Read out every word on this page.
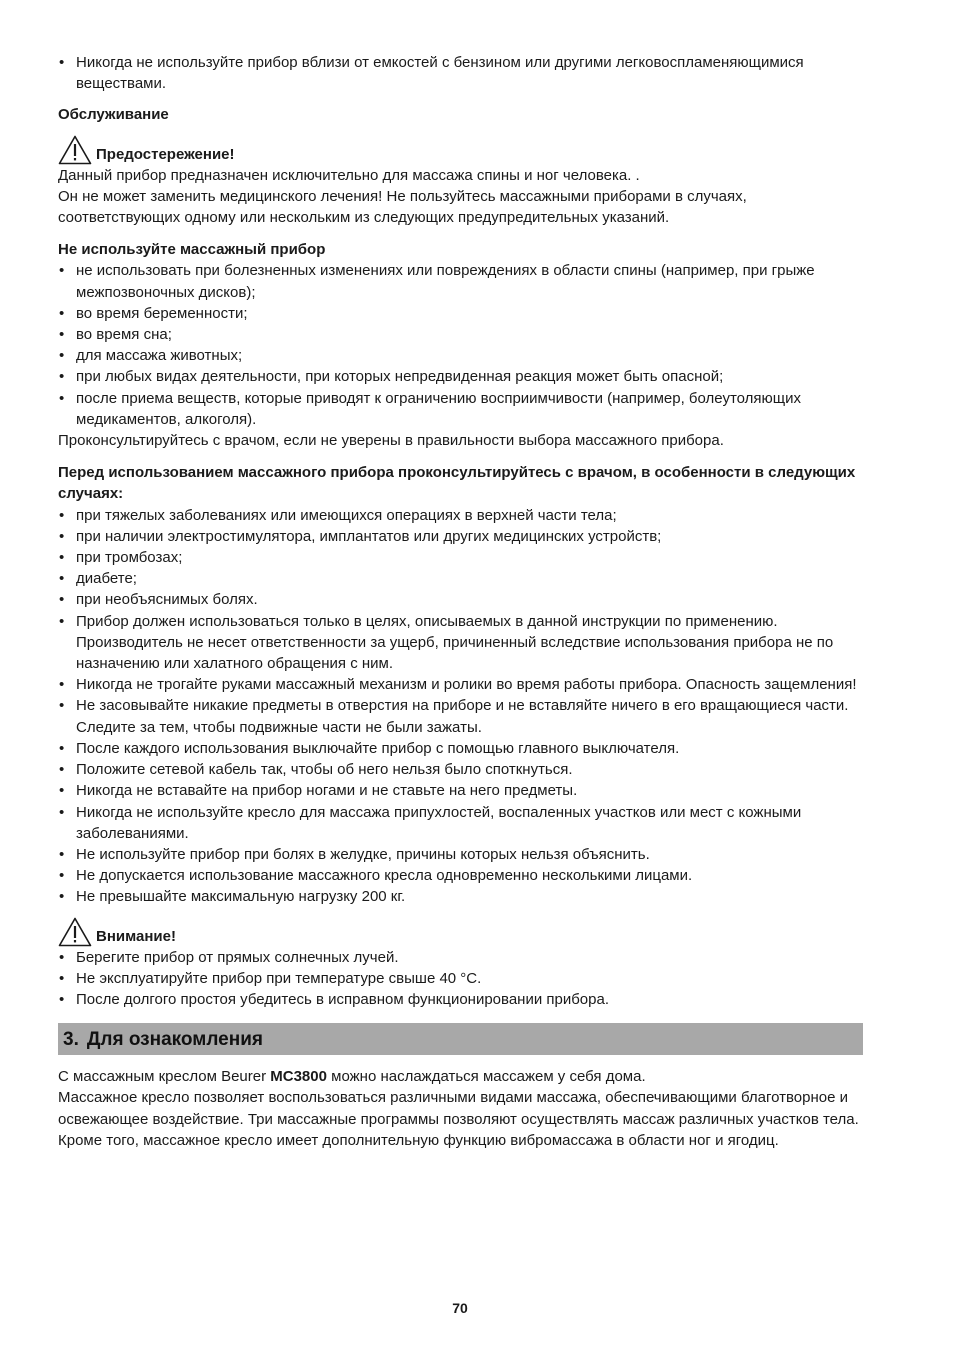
• Никогда не используйте прибор вблизи от емкостей с бензином или другими легковоспламеняющимися веществами.

Обслуживание

Предостережение!

Данный прибор предназначен исключительно для массажа спины и ног человека. .

Он не может заменить медицинского лечения! Не пользуйтесь массажными приборами в случаях, соответствующих одному или нескольким из следующих предупредительных указаний.

Не используйте массажный прибор

• не использовать при болезненных изменениях или повреждениях в области спины (например, при грыже межпозвоночных дисков);
• во время беременности;
• во время сна;
• для массажа животных;
• при любых видах деятельности, при которых непредвиденная реакция может быть опасной;
• после приема веществ, которые приводят к ограничению восприимчивости (например, болеутоляющих медикаментов, алкоголя).

Проконсультируйтесь с врачом, если не уверены в правильности выбора массажного прибора.

Перед использованием массажного прибора проконсультируйтесь с врачом, в особенности в следующих случаях:

• при тяжелых заболеваниях или имеющихся операциях в верхней части тела;
• при наличии электростимулятора, имплантатов или других медицинских устройств;
• при тромбозах;
• диабете;
• при необъяснимых болях.
• Прибор должен использоваться только в целях, описываемых в данной инструкции по применению. Производитель не несет ответственности за ущерб, причиненный вследствие использования прибора не по назначению или халатного обращения с ним.
• Никогда не трогайте руками массажный механизм и ролики во время работы прибора. Опасность защемления!
• Не засовывайте никакие предметы в отверстия на приборе и не вставляйте ничего в его вращающиеся части. Следите за тем, чтобы подвижные части не были зажаты.
• После каждого использования выключайте прибор с помощью главного выключателя.
• Положите сетевой кабель так, чтобы об него нельзя было споткнуться.
• Никогда не вставайте на прибор ногами и не ставьте на него предметы.
• Никогда не используйте кресло для массажа припухлостей, воспаленных участков или мест с кожными заболеваниями.
• Не используйте прибор при болях в желудке, причины которых нельзя объяснить.
• Не допускается использование массажного кресла одновременно несколькими лицами.
• Не превышайте максимальную нагрузку 200 кг.
Внимание!
• Берегите прибор от прямых солнечных лучей.
• Не эксплуатируйте прибор при температуре свыше 40 °C.
• После долгого простоя убедитесь в исправном функционировании прибора.
3. Для ознакомления

С массажным креслом Beurer MC3800 можно наслаждаться массажем у себя дома.

Массажное кресло позволяет воспользоваться различными видами массажа, обеспечивающими благотворное и освежающее воздействие. Три массажные программы позволяют осуществлять массаж различных участков тела.

Кроме того, массажное кресло имеет дополнительную функцию вибромассажа в области ног и ягодиц.

70
